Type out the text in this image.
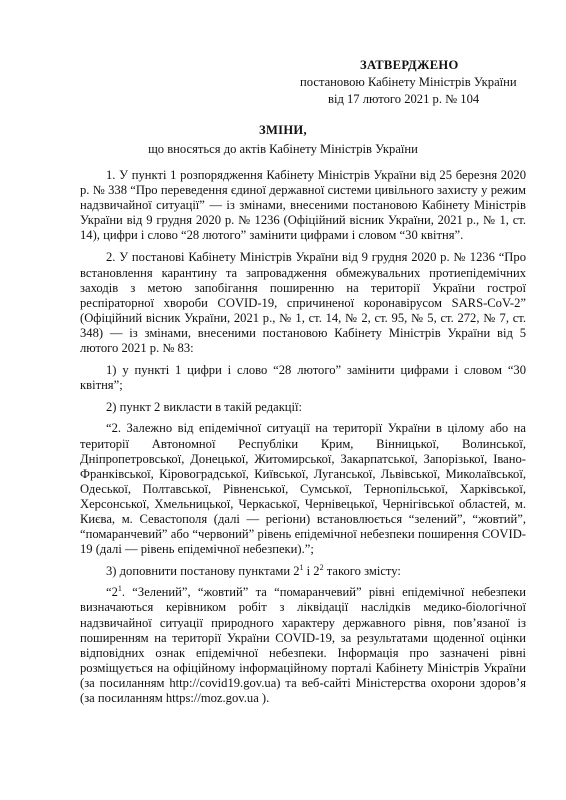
ЗАТВЕРДЖЕНО
постановою Кабінету Міністрів України
від 17 лютого 2021 р. № 104
ЗМІНИ,
що вносяться до актів Кабінету Міністрів України

1. У пункті 1 розпорядження Кабінету Міністрів України від 25 березня 2020 р. № 338 “Про переведення єдиної державної системи цивільного захисту у режим надзвичайної ситуації” — із змінами, внесеними постановою Кабінету Міністрів України від 9 грудня 2020 р. № 1236 (Офіційний вісник України, 2021 р., № 1, ст. 14), цифри і слово “28 лютого” замінити цифрами і словом “30 квітня”.

2. У постанові Кабінету Міністрів України від 9 грудня 2020 р. № 1236 “Про встановлення карантину та запровадження обмежувальних протиепідемічних заходів з метою запобігання поширенню на території України гострої респіраторної хвороби COVID-19, спричиненої коронавірусом SARS-CoV-2” (Офіційний вісник України, 2021 р., № 1, ст. 14, № 2, ст. 95, № 5, ст. 272, № 7, ст. 348) — із змінами, внесеними постановою Кабінету Міністрів України від 5 лютого 2021 р. № 83:

1) у пункті 1 цифри і слово “28 лютого” замінити цифрами і словом “30 квітня”;

2) пункт 2 викласти в такій редакції:

“2. Залежно від епідемічної ситуації на території України в цілому або на території Автономної Республіки Крим, Вінницької, Волинської, Дніпропетровської, Донецької, Житомирської, Закарпатської, Запорізької, Івано-Франківської, Кіровоградської, Київської, Луганської, Львівської, Миколаївської, Одеської, Полтавської, Рівненської, Сумської, Тернопільської, Харківської, Херсонської, Хмельницької, Черкаської, Чернівецької, Чернігівської областей, м. Києва, м. Севастополя (далі — регіони) встановлюється “зелений”, “жовтий”, “помаранчевий” або “червоний” рівень епідемічної небезпеки поширення COVID-19 (далі — рівень епідемічної небезпеки).”;

3) доповнити постанову пунктами $2^1$ і $2^2$ такого змісту:

“$2^1$. “Зелений”, “жовтий” та “помаранчевий” рівні епідемічної небезпеки визначаються керівником робіт з ліквідації наслідків медико-біологічної надзвичайної ситуації природного характеру державного рівня, пов’язаної із поширенням на території України COVID-19, за результатами щоденної оцінки відповідних ознак епідемічної небезпеки. Інформація про зазначені рівні розміщується на офіційному інформаційному порталі Кабінету Міністрів України (за посиланням http://covid19.gov.ua) та веб-сайті Міністерства охорони здоров’я (за посиланням https://moz.gov.ua ).
